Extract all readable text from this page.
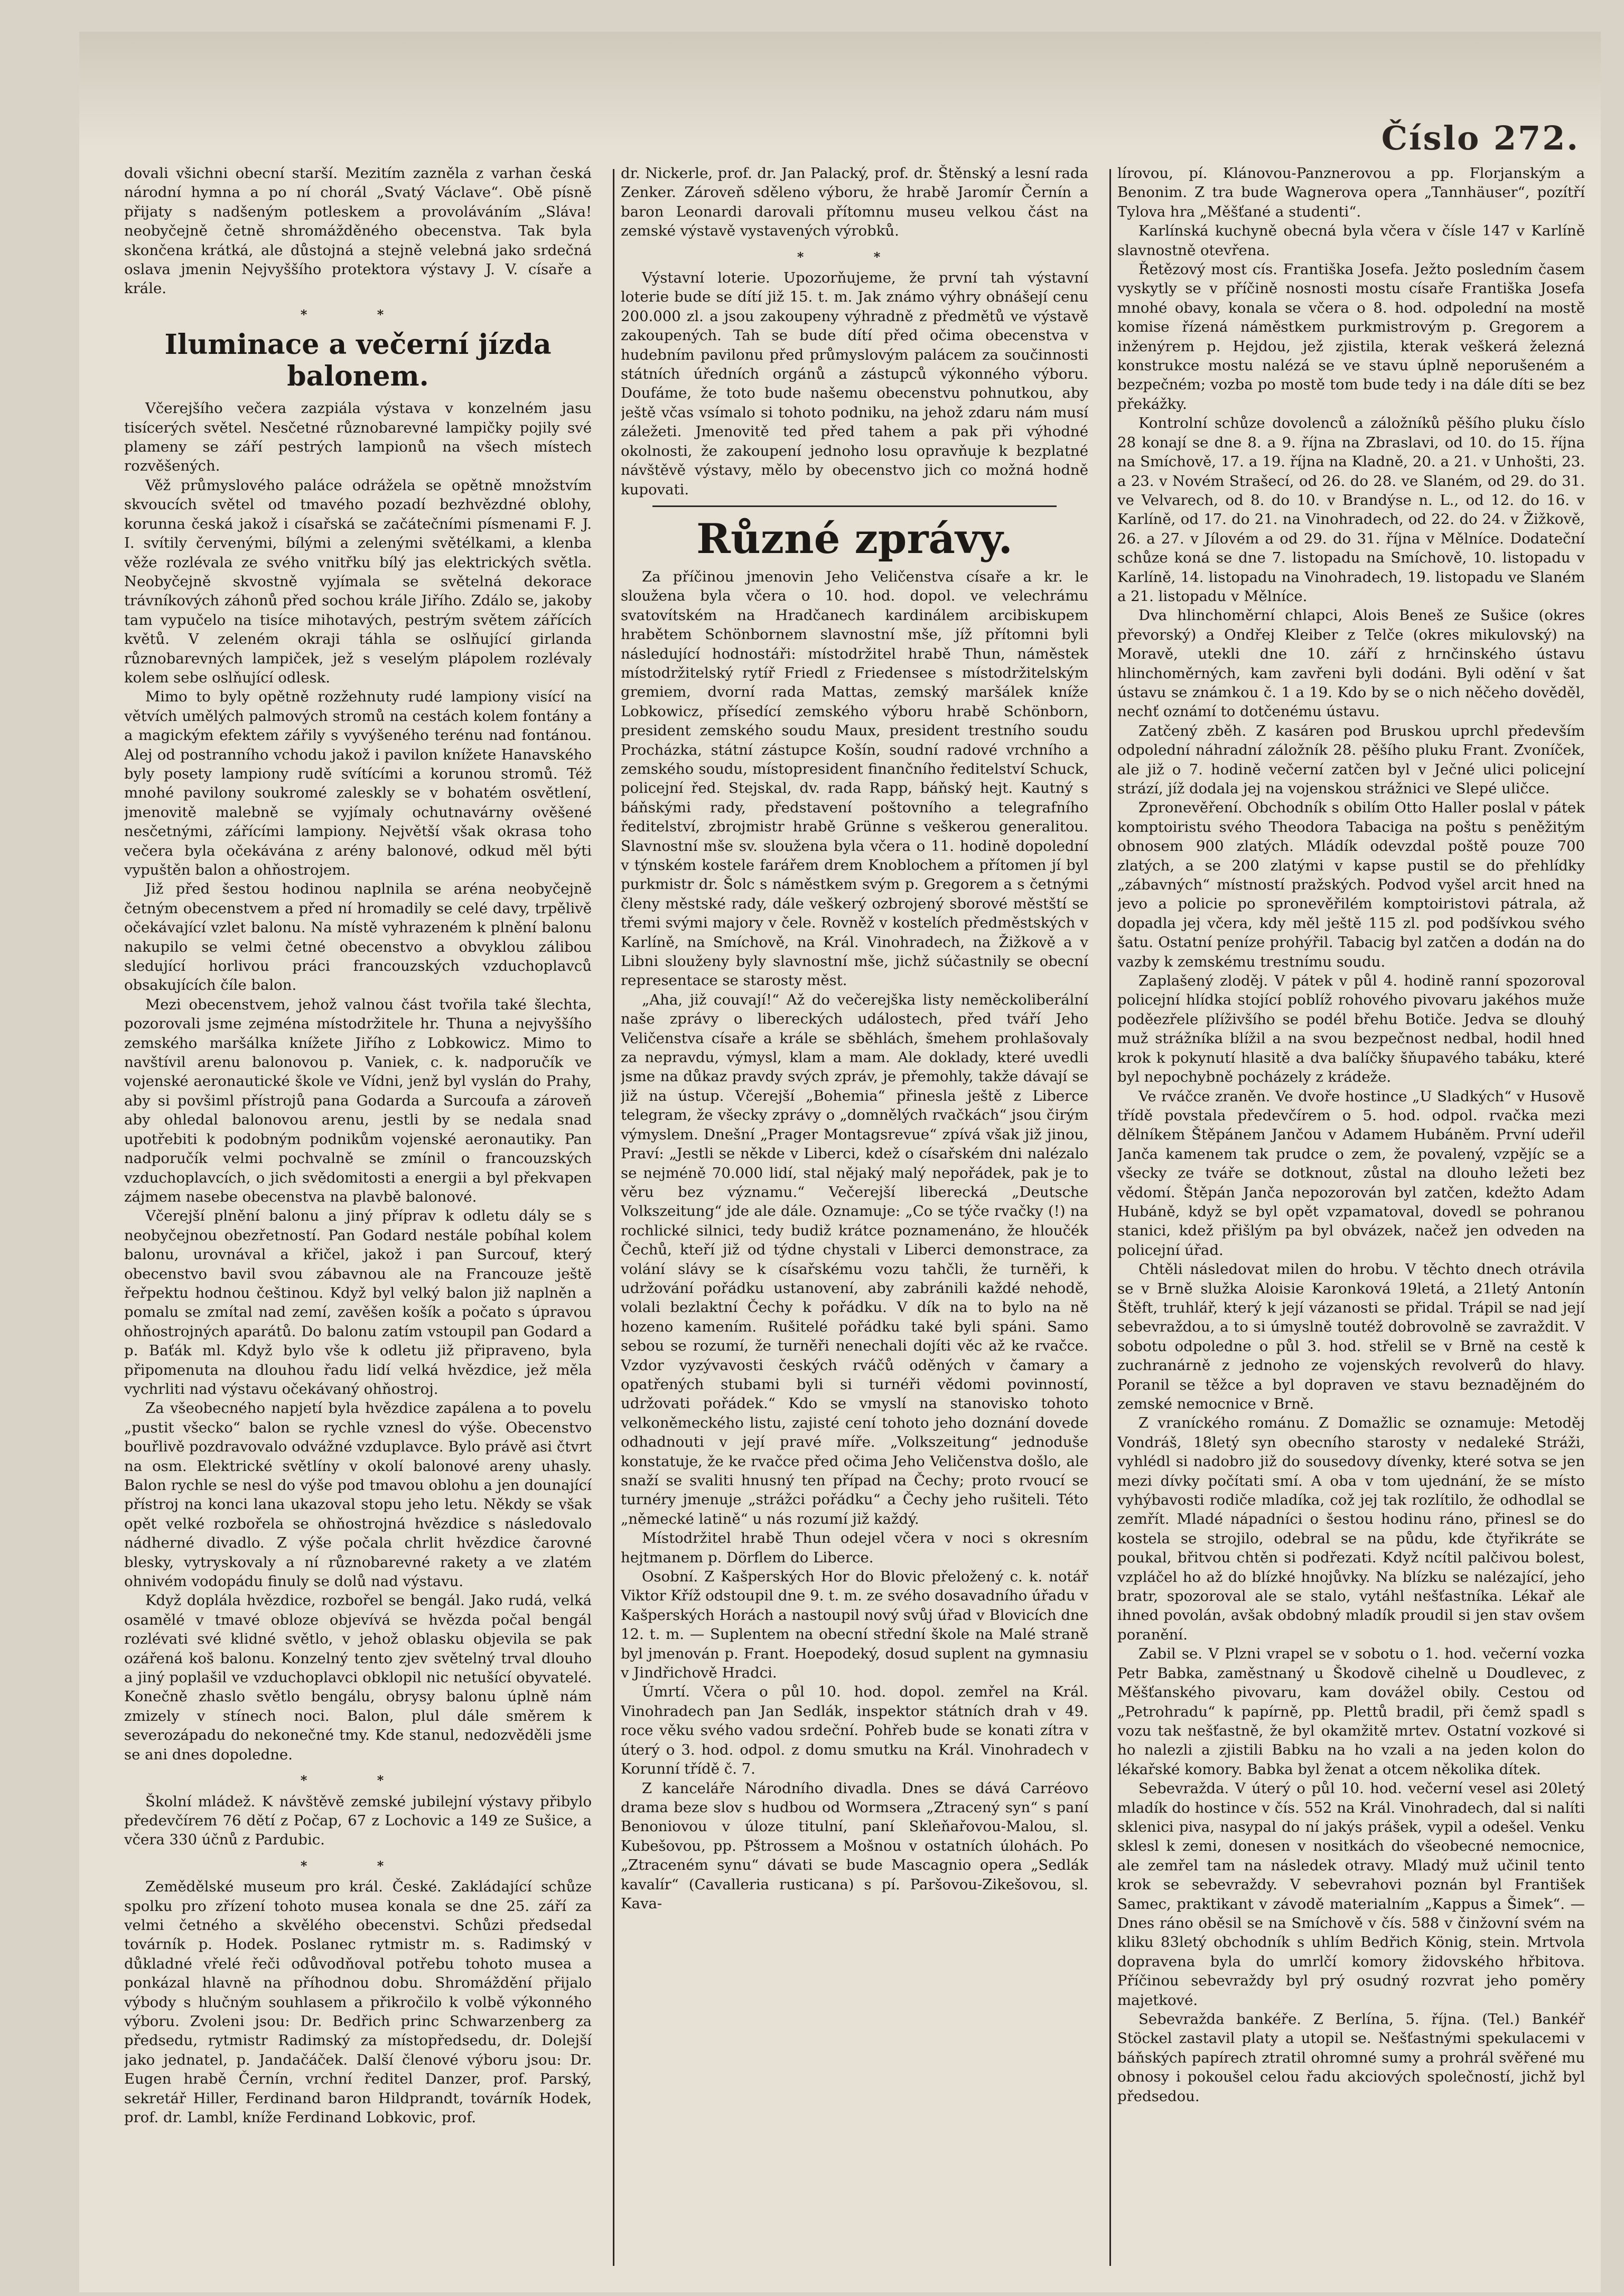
Číslo 272.

dovali všichni obecní starší. Mezitím zazněla z varhan česká národní hymna a po ní chorál „Svatý Václave“. Obě písně přijaty s nadšeným potleskem a provoláváním „Sláva! neobyčejně četně shromážděného obecenstva. Tak byla skončena krátká, ale důstojná a stejně velebná jako srdečná oslava jmenin Nejvyššího protektora výstavy J. V. císaře a krále.

∗ ∗
Iluminace a večerní jízda balonem.

Včerejšího večera zazpiála výstava v konzelném jasu tisícerých světel. Nesčetné různobarevné lampičky pojily své plameny se září pestrých lampionů na všech místech rozvěšených.

Věž průmyslového paláce odrážela se opětně množstvím skvoucích světel od tmavého pozadí bezhvězdné oblohy, korunna česká jakož i císařská se začátečními písmenami F. J. I. svítily červenými, bílými a zelenými světélkami, a klenba věže rozlévala ze svého vnitřku bílý jas elektrických světla. Neobyčejně skvostně vyjímala se světelná dekorace trávníkových záhonů před sochou krále Jiřího. Zdálo se, jakoby tam vypučelo na tisíce mihotavých, pestrým světem zářících květů. V zeleném okraji táhla se oslňující girlanda různobarevných lampiček, jež s veselým plápolem rozlévaly kolem sebe oslňující odlesk.

Mimo to byly opětně rozžehnuty rudé lampiony visící na větvích umělých palmových stromů na cestách kolem fontány a a magickým efektem zářily s vyvýšeného terénu nad fontánou. Alej od postranního vchodu jakož i pavilon knížete Hanavského byly posety lampiony rudě svítícími a korunou stromů. Též mnohé pavilony soukromé zaleskly se v bohatém osvětlení, jmenovitě malebně se vyjímaly ochutnavárny ověšené nesčetnými, zářícími lampiony. Největší však okrasa toho večera byla očekávána z arény balonové, odkud měl býti vypuštěn balon a ohňostrojem.

Již před šestou hodinou naplnila se aréna neobyčejně četným obecenstvem a před ní hromadily se celé davy, trpělivě očekávající vzlet balonu. Na místě vyhrazeném k plnění balonu nakupilo se velmi četné obecenstvo a obvyklou zálibou sledující horlivou práci francouzských vzduchoplavců obsakujících číle balon.

Mezi obecenstvem, jehož valnou část tvořila také šlechta, pozorovali jsme zejména místodržitele hr. Thuna a nejvyššího zemského maršálka knížete Jiřího z Lobkowicz. Mimo to navštívil arenu balonovou p. Vaniek, c. k. nadporučík ve vojenské aeronautické škole ve Vídni, jenž byl vyslán do Prahy, aby si povšiml přístrojů pana Godarda a Surcoufa a zároveň aby ohledal balonovou arenu, jestli by se nedala snad upotřebiti k podobným podnikům vojenské aeronautiky. Pan nadporučík velmi pochvalně se zmínil o francouzských vzduchoplavcích, o jich svědomitosti a energii a byl překvapen zájmem nasebe obecenstva na plavbě balonové.

Včerejší plnění balonu a jiný příprav k odletu dály se s neobyčejnou obezřetností. Pan Godard nestále pobíhal kolem balonu, urovnával a křičel, jakož i pan Surcouf, který obecenstvo bavil svou zábavnou ale na Francouze ještě řeřpektu hodnou češtinou. Když byl velký balon již naplněn a pomalu se zmítal nad zemí, zavěšen košík a počato s úpravou ohňostrojných aparátů. Do balonu zatím vstoupil pan Godard a p. Baťák ml. Když bylo vše k odletu již připraveno, byla připomenuta na dlouhou řadu lidí velká hvězdice, jež měla vychrliti nad výstavu očekávaný ohňostroj.

Za všeobecného napjetí byla hvězdice zapálena a to povelu „pustit všecko“ balon se rychle vznesl do výše. Obecenstvo bouřlivě pozdravovalo odvážné vzduplavce. Bylo právě asi čtvrt na osm. Elektrické světlíny v okolí balonové areny uhasly. Balon rychle se nesl do výše pod tmavou oblohu a jen dounající přístroj na konci lana ukazoval stopu jeho letu. Někdy se však opět velké rozbořela se ohňostrojná hvězdice s následovalo nádherné divadlo. Z výše počala chrlit hvězdice čarovné blesky, vytryskovaly a ní různobarevné rakety a ve zlatém ohnivém vodopádu finuly se dolů nad výstavu.

Když doplála hvězdice, rozbořel se bengál. Jako rudá, velká osamělé v tmavé obloze objevívá se hvězda počal bengál rozlévati své klidné světlo, v jehož oblasku objevila se pak ozářená koš balonu. Konzelný tento zjev světelný trval dlouho a jiný poplašil ve vzduchoplavci obklopil nic netušící obyvatelé. Konečně zhaslo světlo bengálu, obrysy balonu úplně nám zmizely v stínech noci. Balon, plul dále směrem k severozápadu do nekonečné tmy. Kde stanul, nedozvěděli jsme se ani dnes dopoledne.

∗ ∗

Školní mládež. K návštěvě zemské jubilejní výstavy přibylo předevčírem 76 dětí z Počap, 67 z Lochovic a 149 ze Sušice, a včera 330 účnů z Pardubic.

∗ ∗

Zemědělské museum pro král. České. Zakládající schůze spolku pro zřízení tohoto musea konala se dne 25. září za velmi četného a skvělého obecenstvi. Schůzi předsedal továrník p. Hodek. Poslanec rytmistr m. s. Radimský v důkladné vřelé řeči odůvodňoval potřebu tohoto musea a ponkázal hlavně na příhodnou dobu. Shromáždění přijalo výbody s hlučným souhlasem a přikročilo k volbě výkonného výboru. Zvoleni jsou: Dr. Bedřich princ Schwarzenberg za předsedu, rytmistr Radimský za místopředsedu, dr. Dolejší jako jednatel, p. Jandačáček. Další členové výboru jsou: Dr. Eugen hrabě Černín, vrchní ředitel Danzer, prof. Parský, sekretář Hiller, Ferdinand baron Hildprandt, továrník Hodek, prof. dr. Lambl, kníže Ferdinand Lobkovic, prof.

dr. Nickerle, prof. dr. Jan Palacký, prof. dr. Štěnský a lesní rada Zenker. Zároveň sděleno výboru, že hrabě Jaromír Černín a baron Leonardi darovali přítomnu museu velkou část na zemské výstavě vystavených výrobků.

∗ ∗

Výstavní loterie. Upozorňujeme, že první tah výstavní loterie bude se dítí již 15. t. m. Jak známo výhry obnášejí cenu 200.000 zl. a jsou zakoupeny výhradně z předmětů ve výstavě zakoupených. Tah se bude dítí před očima obecenstva v hudebním pavilonu před průmyslovým palácem za součinnosti státních úředních orgánů a zástupců výkonného výboru. Doufáme, že toto bude našemu obecenstvu pohnutkou, aby ještě včas vsímalo si tohoto podniku, na jehož zdaru nám musí záležeti. Jmenovitě ted před tahem a pak při výhodné okolnosti, že zakoupení jednoho losu opravňuje k bezplatné návštěvě výstavy, mělo by obecenstvo jich co možná hodně kupovati.

Různé zprávy.

Za příčinou jmenovin Jeho Veličenstva císaře a kr. le sloužena byla včera o 10. hod. dopol. ve velechrámu svatovítském na Hradčanech kardinálem arcibiskupem hrabětem Schönbornem slavnostní mše, jíž přítomni byli následující hodnostáři: místodržitel hrabě Thun, náměstek místodržitelský rytíř Friedl z Friedensee s místodržitelským gremiem, dvorní rada Mattas, zemský maršálek kníže Lobkowicz, přísedící zemského výboru hrabě Schönborn, president zemského soudu Maux, president trestního soudu Procházka, státní zástupce Košín, soudní radové vrchního a zemského soudu, místopresident finančního ředitelství Schuck, policejní řed. Stejskal, dv. rada Rapp, báňský hejt. Kautný s báňskými rady, představení poštovního a telegrafního ředitelství, zbrojmistr hrabě Grünne s veškerou generalitou. Slavnostní mše sv. sloužena byla včera o 11. hodině dopolední v týnském kostele farářem drem Knoblochem a přítomen jí byl purkmistr dr. Šolc s náměstkem svým p. Gregorem a s četnými členy městské rady, dále veškerý ozbrojený sborové městští se třemi svými majory v čele. Rovněž v kostelích předměstských v Karlíně, na Smíchově, na Král. Vinohradech, na Žižkově a v Libni slouženy byly slavnostní mše, jichž súčastnily se obecní representace se starosty měst.

„Aha, již couvají!“ Až do večerejška listy neměckoliberální naše zprávy o libereckých událostech, před tváří Jeho Veličenstva císaře a krále se sběhlách, šmehem prohlašovaly za nepravdu, výmysl, klam a mam. Ale doklady, které uvedli jsme na důkaz pravdy svých zpráv, je přemohly, takže dávají se již na ústup. Včerejší „Bohemia“ přinesla ještě z Liberce telegram, že všecky zprávy o „domnělých rvačkách“ jsou čirým výmyslem. Dnešní „Prager Montagsrevue“ zpívá však již jinou, Praví: „Jestli se někde v Liberci, kdež o císařském dni nalézalo se nejméně 70.000 lidí, stal nějaký malý nepořádek, pak je to věru bez významu.“ Večerejší liberecká „Deutsche Volkszeitung“ jde ale dále. Oznamuje: „Co se týče rvačky (!) na rochlické silnici, tedy budiž krátce poznamenáno, že hloučék Čechů, kteří již od týdne chystali v Liberci demonstrace, za volání slávy se k císařskému vozu tahčli, že turněři, k udržování pořádku ustanovení, aby zabránili každé nehodě, volali bezlaktní Čechy k pořádku. V dík na to bylo na ně hozeno kamením. Rušitelé pořádku také byli spáni. Samo sebou se rozumí, že turněři nenechali dojíti věc až ke rvačce. Vzdor vyzývavosti českých rváčů oděných v čamary a opatřených stubami byli si turnéři vědomi povinností, udržovati pořádek.“ Kdo se vmyslí na stanovisko tohoto velkoněmeckého listu, zajisté cení tohoto jeho doznání dovede odhadnouti v její pravé míře. „Volkszeitung“ jednoduše konstatuje, že ke rvačce před očima Jeho Veličenstva došlo, ale snaží se svaliti hnusný ten případ na Čechy; proto rvoucí se turnéry jmenuje „strážci pořádku“ a Čechy jeho rušiteli. Této „německé latině“ u nás rozumí již každý.

Místodržitel hrabě Thun odejel včera v noci s okresním hejtmanem p. Dörflem do Liberce.

Osobní. Z Kašperských Hor do Blovic přeložený c. k. notář Viktor Kříž odstoupil dne 9. t. m. ze svého dosavadního úřadu v Kašperských Horách a nastoupil nový svůj úřad v Blovicích dne 12. t. m. — Suplentem na obecní střední škole na Malé straně byl jmenován p. Frant. Hoepodeký, dosud suplent na gymnasiu v Jindřichově Hradci.

Úmrtí. Včera o půl 10. hod. dopol. zemřel na Král. Vinohradech pan Jan Sedlák, inspektor státních drah v 49. roce věku svého vadou srdeční. Pohřeb bude se konati zítra v úterý o 3. hod. odpol. z domu smutku na Král. Vinohradech v Korunní třídě č. 7.

Z kanceláře Národního divadla. Dnes se dává Carréovo drama beze slov s hudbou od Wormsera „Ztracený syn“ s paní Benoniovou v úloze titulní, paní Skleňařovou-Malou, sl. Kubešovou, pp. Pštrossem a Mošnou v ostatních úlohách. Po „Ztraceném synu“ dávati se bude Mascagnio opera „Sedlák kavalír“ (Cavalleria rusticana) s pí. Paršovou-Zikešovou, sl. Kava-

lírovou, pí. Klánovou-Panznerovou a pp. Florjanským a Benonim. Z tra bude Wagnerova opera „Tannhäuser“, pozítří Tylova hra „Měšťané a studenti“.

Karlínská kuchyně obecná byla včera v čísle 147 v Karlíně slavnostně otevřena.

Řetězový most cís. Františka Josefa. Ježto posledním časem vyskytly se v příčině nosnosti mostu císaře Františka Josefa mnohé obavy, konala se včera o 8. hod. odpolední na mostě komise řízená náměstkem purkmistrovým p. Gregorem a inženýrem p. Hejdou, jež zjistila, kterak veškerá železná konstrukce mostu nalézá se ve stavu úplně neporušeném a bezpečném; vozba po mostě tom bude tedy i na dále díti se bez překážky.

Kontrolní schůze dovolenců a záložníků pěšího pluku číslo 28 konají se dne 8. a 9. října na Zbraslavi, od 10. do 15. října na Smíchově, 17. a 19. října na Kladně, 20. a 21. v Unhošti, 23. a 23. v Novém Strašecí, od 26. do 28. ve Slaném, od 29. do 31. ve Velvarech, od 8. do 10. v Brandýse n. L., od 12. do 16. v Karlíně, od 17. do 21. na Vinohradech, od 22. do 24. v Žižkově, 26. a 27. v Jílovém a od 29. do 31. října v Mělníce. Dodateční schůze koná se dne 7. listopadu na Smíchově, 10. listopadu v Karlíně, 14. listopadu na Vinohradech, 19. listopadu ve Slaném a 21. listopadu v Mělníce.

Dva hlinchoměrní chlapci, Alois Beneš ze Sušice (okres převorský) a Ondřej Kleiber z Telče (okres mikulovský) na Moravě, utekli dne 10. září z hrnčinského ústavu hlinchoměrných, kam zavřeni byli dodáni. Byli odění v šat ústavu se známkou č. 1 a 19. Kdo by se o nich něčeho dověděl, nechť oznámí to dotčenému ústavu.

Zatčený zběh. Z kasáren pod Bruskou uprchl především odpolední náhradní záložník 28. pěšího pluku Frant. Zvoníček, ale již o 7. hodině večerní zatčen byl v Ječné ulici policejní strází, jíž dodala jej na vojenskou strážnici ve Slepé uličce.

Zpronevěření. Obchodník s obilím Otto Haller poslal v pátek komptoiristu svého Theodora Tabaciga na poštu s peněžitým obnosem 900 zlatých. Mládík odevzdal poště pouze 700 zlatých, a se 200 zlatými v kapse pustil se do přehlídky „zábavných“ místností pražských. Podvod vyšel arcit hned na jevo a policie po spronevěřilém komptoiristovi pátrala, až dopadla jej včera, kdy měl ještě 115 zl. pod podšívkou svého šatu. Ostatní peníze prohýřil. Tabacig byl zatčen a dodán na do vazby k zemskému trestnímu soudu.

Zaplašený zloděj. V pátek v půl 4. hodině ranní spozoroval policejní hlídka stojící poblíž rohového pivovaru jakéhos muže poděezřele plíživšího se podél břehu Botiče. Jedva se dlouhý muž strážníka blížil a na svou bezpečnost nedbal, hodil hned krok k pokynutí hlasitě a dva balíčky šňupavého tabáku, které byl nepochybně pocházely z krádeže.

Ve rváčce zraněn. Ve dvoře hostince „U Sladkých“ v Husově třídě povstala předevčírem o 5. hod. odpol. rvačka mezi dělníkem Štěpánem Jančou v Adamem Hubáněm. První udeřil Janča kamenem tak prudce o zem, že povalený, vzpějíc se a všecky ze tváře se dotknout, zůstal na dlouho ležeti bez vědomí. Štěpán Janča nepozorován byl zatčen, kdežto Adam Hubáně, když se byl opět vzpamatoval, dovedl se pohranou stanici, kdež přišlým pa byl obvázek, načež jen odveden na policejní úřad.

Chtěli následovat milen do hrobu. V těchto dnech otrávila se v Brně služka Aloisie Karonková 19letá, a 21letý Antonín Štěft, truhlář, který k její vázanosti se přidal. Trápil se nad její sebevraždou, a to si úmyslně toutéž dobrovolně se zavraždit. V sobotu odpoledne o půl 3. hod. střelil se v Brně na cestě k zuchranárně z jednoho ze vojenských revolverů do hlavy. Poranil se těžce a byl dopraven ve stavu beznadějném do zemské nemocnice v Brně.

Z vraníckého románu. Z Domažlic se oznamuje: Metoděj Vondráš, 18letý syn obecního starosty v nedaleké Stráži, vyhlédl si nadobro již do sousedovy dívenky, které sotva se jen mezi dívky počítati smí. A oba v tom ujednání, že se místo vyhýbavosti rodiče mladíka, což jej tak rozlítilo, že odhodlal se zemřít. Mladé nápadníci o šestou hodinu ráno, přinesl se do kostela se strojilo, odebral se na půdu, kde čtyřikráte se poukal, břitvou chtěn si podřezati. Když ncítil palčivou bolest, vzpláčel ho až do blízké hnojůvky. Na blízku se nalézající, jeho bratr, spozoroval ale se stalo, vytáhl nešťastníka. Lékař ale ihned povolán, avšak obdobný mladík proudil si jen stav ovšem poranění.

Zabil se. V Plzni vrapel se v sobotu o 1. hod. večerní vozka Petr Babka, zaměstnaný u Škodově cihelně u Doudlevec, z Měšťanského pivovaru, kam dovážel obily. Cestou od „Petrohradu“ k papírně, pp. Plettů bradil, při čemž spadl s vozu tak nešťastně, že byl okamžitě mrtev. Ostatní vozkové si ho nalezli a zjistili Babku na ho vzali a na jeden kolon do lékařské komory. Babka byl ženat a otcem několika dítek.

Sebevražda. V úterý o půl 10. hod. večerní vesel asi 20letý mladík do hostince v čís. 552 na Král. Vinohradech, dal si nalíti sklenici piva, nasypal do ní jakýs prášek, vypil a odešel. Venku sklesl k zemi, donesen v nositkách do všeobecné nemocnice, ale zemřel tam na následek otravy. Mladý muž učinil tento krok se sebevraždy. V sebevrahovi poznán byl František Samec, praktikant v závodě materialním „Kappus a Šimek“. — Dnes ráno oběsil se na Smíchově v čís. 588 v činžovní svém na kliku 83letý obchodník s uhlím Bedřich König, stein. Mrtvola dopravena byla do umrlčí komory židovského hřbitova. Příčinou sebevraždy byl prý osudný rozvrat jeho poměry majetkové.

Sebevražda bankéře. Z Berlína, 5. října. (Tel.) Bankéř Stöckel zastavil platy a utopil se. Nešťastnými spekulacemi v báňských papírech ztratil ohromné sumy a prohrál svěřené mu obnosy i pokoušel celou řadu akciových společností, jichž byl předsedou.
